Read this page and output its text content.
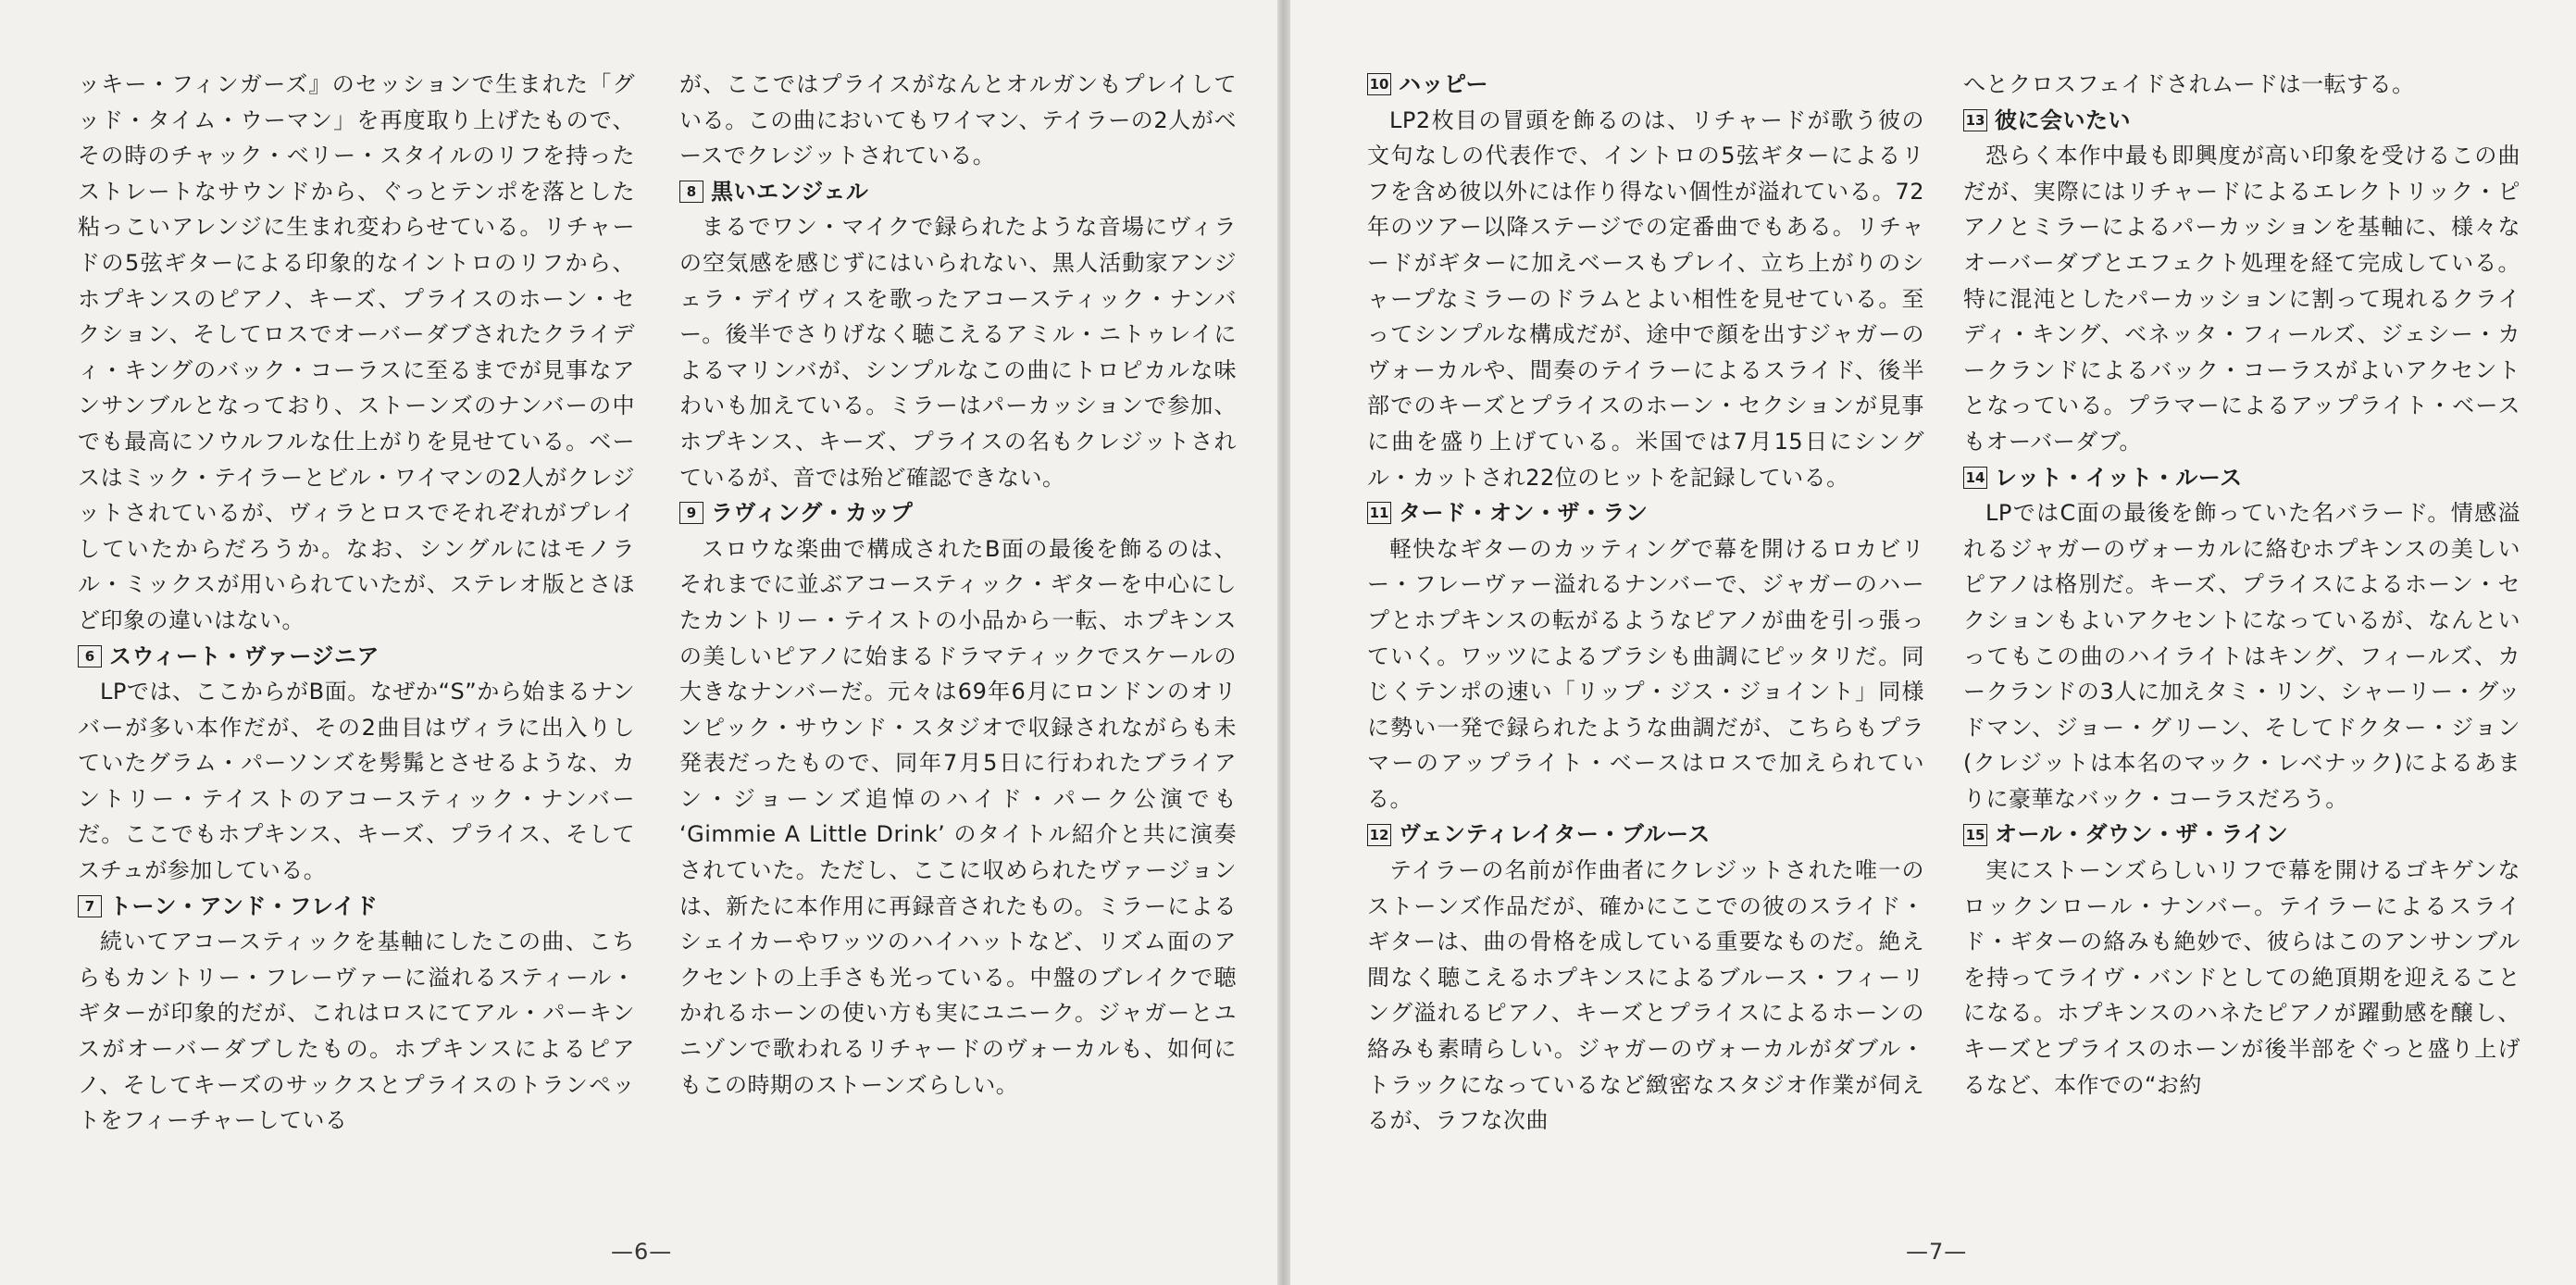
ッキー・フィンガーズ』のセッションで生まれた「グッド・タイム・ウーマン」を再度取り上げたもので、その時のチャック・ベリー・スタイルのリフを持ったストレートなサウンドから、ぐっとテンポを落とした粘っこいアレンジに生まれ変わらせている。リチャードの5弦ギターによる印象的なイントロのリフから、ホプキンスのピアノ、キーズ、プライスのホーン・セクション、そしてロスでオーバーダブされたクライディ・キングのバック・コーラスに至るまでが見事なアンサンブルとなっており、ストーンズのナンバーの中でも最高にソウルフルな仕上がりを見せている。ベースはミック・テイラーとビル・ワイマンの2人がクレジットされているが、ヴィラとロスでそれぞれがプレイしていたからだろうか。なお、シングルにはモノラル・ミックスが用いられていたが、ステレオ版とさほど印象の違いはない。

6 スウィート・ヴァージニア

LPでは、ここからがB面。なぜか“S”から始まるナンバーが多い本作だが、その2曲目はヴィラに出入りしていたグラム・パーソンズを髣髴とさせるような、カントリー・テイストのアコースティック・ナンバーだ。ここでもホプキンス、キーズ、プライス、そしてスチュが参加している。

7 トーン・アンド・フレイド

続いてアコースティックを基軸にしたこの曲、こちらもカントリー・フレーヴァーに溢れるスティール・ギターが印象的だが、これはロスにてアル・パーキンスがオーバーダブしたもの。ホプキンスによるピアノ、そしてキーズのサックスとプライスのトランペットをフィーチャーしている

が、ここではプライスがなんとオルガンもプレイしている。この曲においてもワイマン、テイラーの2人がベースでクレジットされている。

8 黒いエンジェル

まるでワン・マイクで録られたような音場にヴィラの空気感を感じずにはいられない、黒人活動家アンジェラ・デイヴィスを歌ったアコースティック・ナンバー。後半でさりげなく聴こえるアミル・ニトゥレイによるマリンバが、シンプルなこの曲にトロピカルな味わいも加えている。ミラーはパーカッションで参加、ホプキンス、キーズ、プライスの名もクレジットされているが、音では殆ど確認できない。

9 ラヴィング・カップ

スロウな楽曲で構成されたB面の最後を飾るのは、それまでに並ぶアコースティック・ギターを中心にしたカントリー・テイストの小品から一転、ホプキンスの美しいピアノに始まるドラマティックでスケールの大きなナンバーだ。元々は69年6月にロンドンのオリンピック・サウンド・スタジオで収録されながらも未発表だったもので、同年7月5日に行われたブライアン・ジョーンズ追悼のハイド・パーク公演でも ‘Gimmie A Little Drink’ のタイトル紹介と共に演奏されていた。ただし、ここに収められたヴァージョンは、新たに本作用に再録音されたもの。ミラーによるシェイカーやワッツのハイハットなど、リズム面のアクセントの上手さも光っている。中盤のブレイクで聴かれるホーンの使い方も実にユニーク。ジャガーとユニゾンで歌われるリチャードのヴォーカルも、如何にもこの時期のストーンズらしい。

—6—
10 ハッピー

LP2枚目の冒頭を飾るのは、リチャードが歌う彼の文句なしの代表作で、イントロの5弦ギターによるリフを含め彼以外には作り得ない個性が溢れている。72年のツアー以降ステージでの定番曲でもある。リチャードがギターに加えベースもプレイ、立ち上がりのシャープなミラーのドラムとよい相性を見せている。至ってシンプルな構成だが、途中で顔を出すジャガーのヴォーカルや、間奏のテイラーによるスライド、後半部でのキーズとプライスのホーン・セクションが見事に曲を盛り上げている。米国では7月15日にシングル・カットされ22位のヒットを記録している。

11 タード・オン・ザ・ラン

軽快なギターのカッティングで幕を開けるロカビリー・フレーヴァー溢れるナンバーで、ジャガーのハープとホプキンスの転がるようなピアノが曲を引っ張っていく。ワッツによるブラシも曲調にピッタリだ。同じくテンポの速い「リップ・ジス・ジョイント」同様に勢い一発で録られたような曲調だが、こちらもプラマーのアップライト・ベースはロスで加えられている。

12 ヴェンティレイター・ブルース

テイラーの名前が作曲者にクレジットされた唯一のストーンズ作品だが、確かにここでの彼のスライド・ギターは、曲の骨格を成している重要なものだ。絶え間なく聴こえるホプキンスによるブルース・フィーリング溢れるピアノ、キーズとプライスによるホーンの絡みも素晴らしい。ジャガーのヴォーカルがダブル・トラックになっているなど緻密なスタジオ作業が伺えるが、ラフな次曲

へとクロスフェイドされムードは一転する。

13 彼に会いたい

恐らく本作中最も即興度が高い印象を受けるこの曲だが、実際にはリチャードによるエレクトリック・ピアノとミラーによるパーカッションを基軸に、様々なオーバーダブとエフェクト処理を経て完成している。特に混沌としたパーカッションに割って現れるクライディ・キング、ベネッタ・フィールズ、ジェシー・カークランドによるバック・コーラスがよいアクセントとなっている。プラマーによるアップライト・ベースもオーバーダブ。

14 レット・イット・ルース

LPではC面の最後を飾っていた名バラード。情感溢れるジャガーのヴォーカルに絡むホプキンスの美しいピアノは格別だ。キーズ、プライスによるホーン・セクションもよいアクセントになっているが、なんといってもこの曲のハイライトはキング、フィールズ、カークランドの3人に加えタミ・リン、シャーリー・グッドマン、ジョー・グリーン、そしてドクター・ジョン(クレジットは本名のマック・レベナック)によるあまりに豪華なバック・コーラスだろう。

15 オール・ダウン・ザ・ライン

実にストーンズらしいリフで幕を開けるゴキゲンなロックンロール・ナンバー。テイラーによるスライド・ギターの絡みも絶妙で、彼らはこのアンサンブルを持ってライヴ・バンドとしての絶頂期を迎えることになる。ホプキンスのハネたピアノが躍動感を醸し、キーズとプライスのホーンが後半部をぐっと盛り上げるなど、本作での“お約

—7—
